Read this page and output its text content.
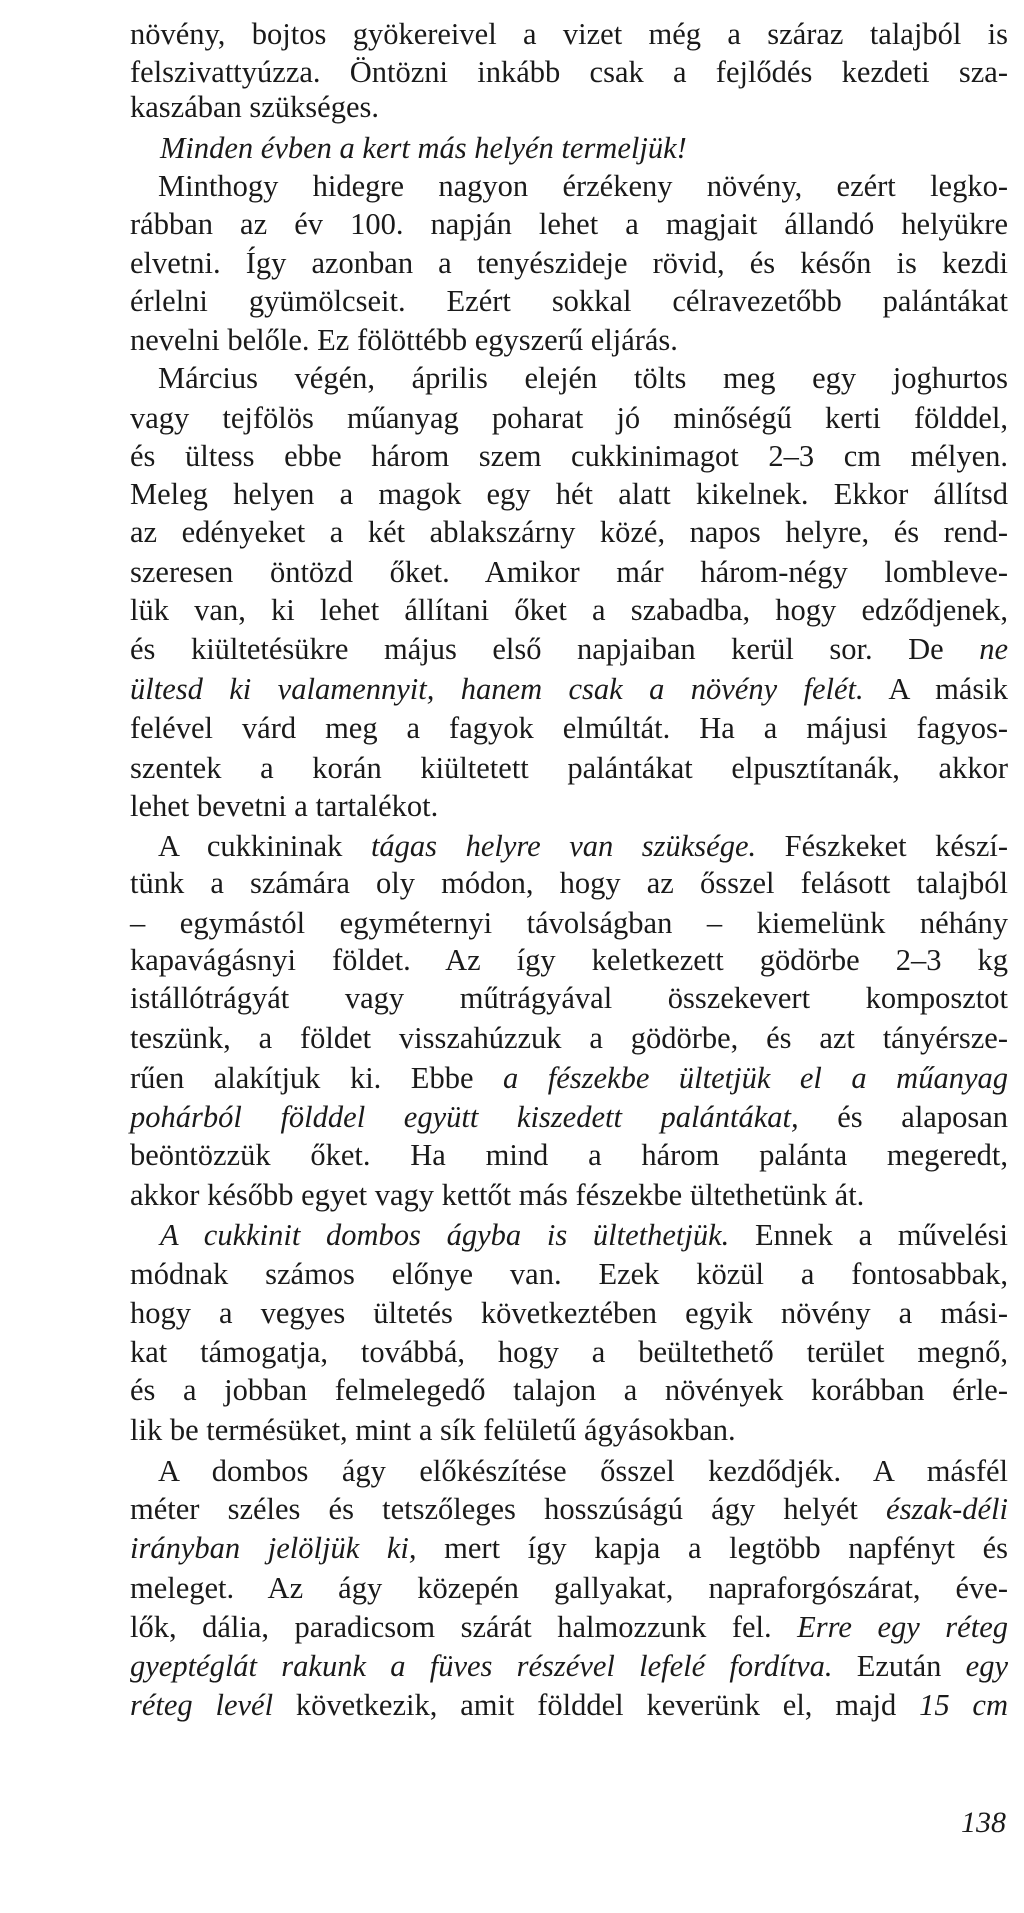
növény, bojtos gyökereivel a vizet még a száraz talajból is
felszivattyúzza. Öntözni inkább csak a fejlődés kezdeti sza-
kaszában szükséges.
Minden évben a kert más helyén termeljük!
Minthogy hidegre nagyon érzékeny növény, ezért legko-
rábban az év 100. napján lehet a magjait állandó helyükre
elvetni. Így azonban a tenyészideje rövid, és későn is kezdi
érlelni gyümölcseit. Ezért sokkal célravezetőbb palántákat
nevelni belőle. Ez fölöttébb egyszerű eljárás.
Március végén, április elején tölts meg egy joghurtos
vagy tejfölös műanyag poharat jó minőségű kerti földdel,
és ültess ebbe három szem cukkinimagot 2–3 cm mélyen.
Meleg helyen a magok egy hét alatt kikelnek. Ekkor állítsd
az edényeket a két ablakszárny közé, napos helyre, és rend-
szeresen öntözd őket. Amikor már három-négy lombleve-
lük van, ki lehet állítani őket a szabadba, hogy edződjenek,
és kiültetésükre május első napjaiban kerül sor. De ne
ültesd ki valamennyit, hanem csak a növény felét. A másik
felével várd meg a fagyok elmúltát. Ha a májusi fagyos-
szentek a korán kiültetett palántákat elpusztítanák, akkor
lehet bevetni a tartalékot.
A cukkininak tágas helyre van szüksége. Fészkeket készí-
tünk a számára oly módon, hogy az ősszel felásott talajból
– egymástól egyméternyi távolságban – kiemelünk néhány
kapavágásnyi földet. Az így keletkezett gödörbe 2–3 kg
istállótrágyát vagy műtrágyával összekevert komposztot
teszünk, a földet visszahúzzuk a gödörbe, és azt tányérsze-
rűen alakítjuk ki. Ebbe a fészekbe ültetjük el a műanyag
pohárból földdel együtt kiszedett palántákat, és alaposan
beöntözzük őket. Ha mind a három palánta megeredt,
akkor később egyet vagy kettőt más fészekbe ültethetünk át.
A cukkinit dombos ágyba is ültethetjük. Ennek a művelési
módnak számos előnye van. Ezek közül a fontosabbak,
hogy a vegyes ültetés következtében egyik növény a mási-
kat támogatja, továbbá, hogy a beültethető terület megnő,
és a jobban felmelegedő talajon a növények korábban érle-
lik be termésüket, mint a sík felületű ágyásokban.
A dombos ágy előkészítése ősszel kezdődjék. A másfél
méter széles és tetszőleges hosszúságú ágy helyét észak-déli
irányban jelöljük ki, mert így kapja a legtöbb napfényt és
meleget. Az ágy közepén gallyakat, napraforgószárat, éve-
lők, dália, paradicsom szárát halmozzunk fel. Erre egy réteg
gyeptéglát rakunk a füves részével lefelé fordítva. Ezután egy
réteg levél következik, amit földdel keverünk el, majd 15 cm
138
